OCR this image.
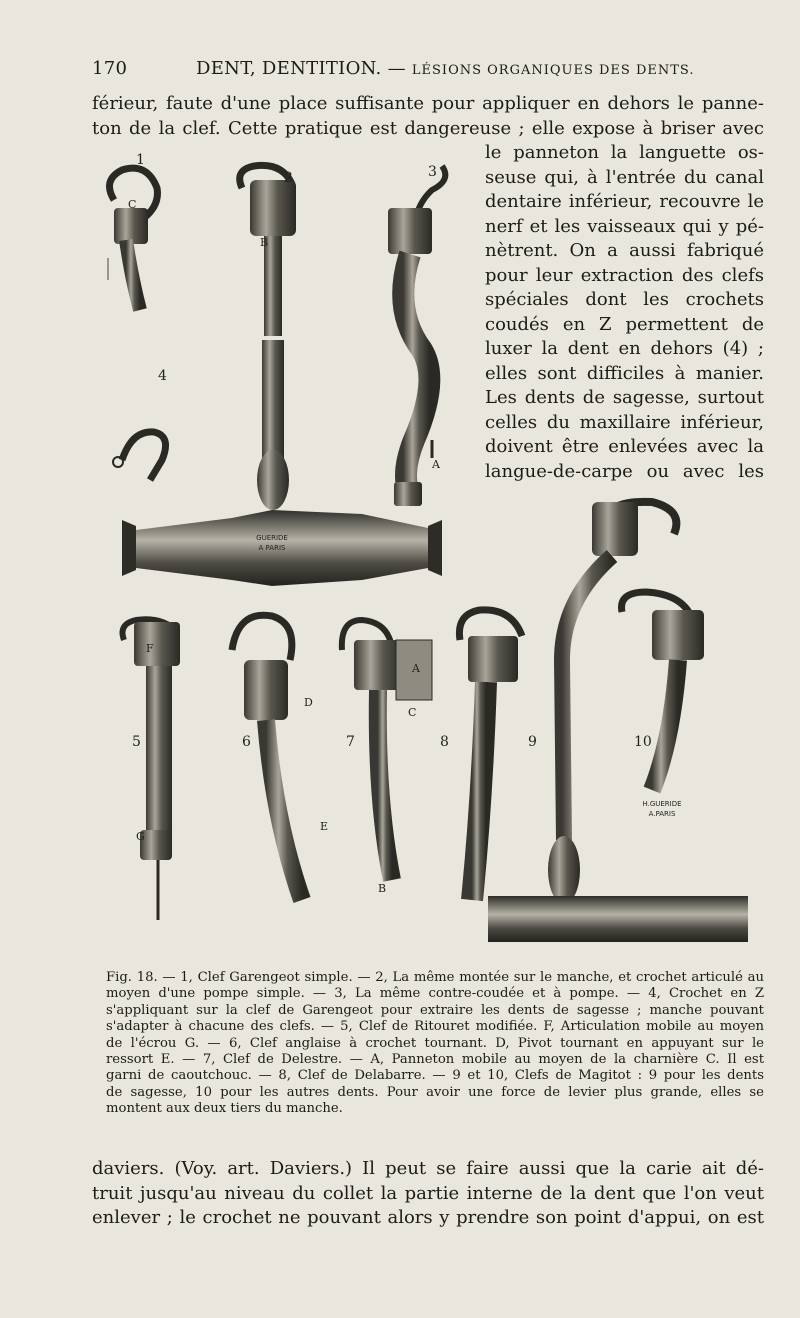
170	DENT, DENTITION. — LÉSIONS ORGANIQUES DES DENTS.
férieur, faute d'une place suffisante pour appliquer en dehors le panne-
ton de la clef. Cette pratique est dangereuse ; elle expose à briser avec
le panneton la languette os-
seuse qui, à l'entrée du canal
dentaire inférieur, recouvre le
nerf et les vaisseaux qui y pé-
nètrent. On a aussi fabriqué
pour leur extraction des clefs
spéciales dont les crochets
coudés en Z permettent de
luxer la dent en dehors (4) ;
elles sont difficiles à manier.
Les dents de sagesse, surtout
celles du maxillaire inférieur,
doivent être enlevées avec la
langue-de-carpe ou avec les
GUERIDE
A PARIS
H.GUERIDE
A.PARIS
1
2	3
4
5	6	7	8	9	10
C
B
A
F
D
A
C
E
G
B
Fig. 18. — 1, Clef Garengeot simple. — 2, La même montée sur le manche, et crochet articulé au
moyen d'une pompe simple. — 3, La même contre-coudée et à pompe. — 4, Crochet en Z
s'appliquant sur la clef de Garengeot pour extraire les dents de sagesse ; manche pouvant
s'adapter à chacune des clefs. — 5, Clef de Ritouret modifiée. F, Articulation mobile au moyen
de l'écrou G. — 6, Clef anglaise à crochet tournant. D, Pivot tournant en appuyant sur le
ressort E. — 7, Clef de Delestre. — A, Panneton mobile au moyen de la charnière C. Il est
garni de caoutchouc. — 8, Clef de Delabarre. — 9 et 10, Clefs de Magitot : 9 pour les dents
de sagesse, 10 pour les autres dents. Pour avoir une force de levier plus grande, elles se
montent aux deux tiers du manche.
daviers. (Voy. art. Daviers.) Il peut se faire aussi que la carie ait dé-
truit jusqu'au niveau du collet la partie interne de la dent que l'on veut
enlever ; le crochet ne pouvant alors y prendre son point d'appui, on est
